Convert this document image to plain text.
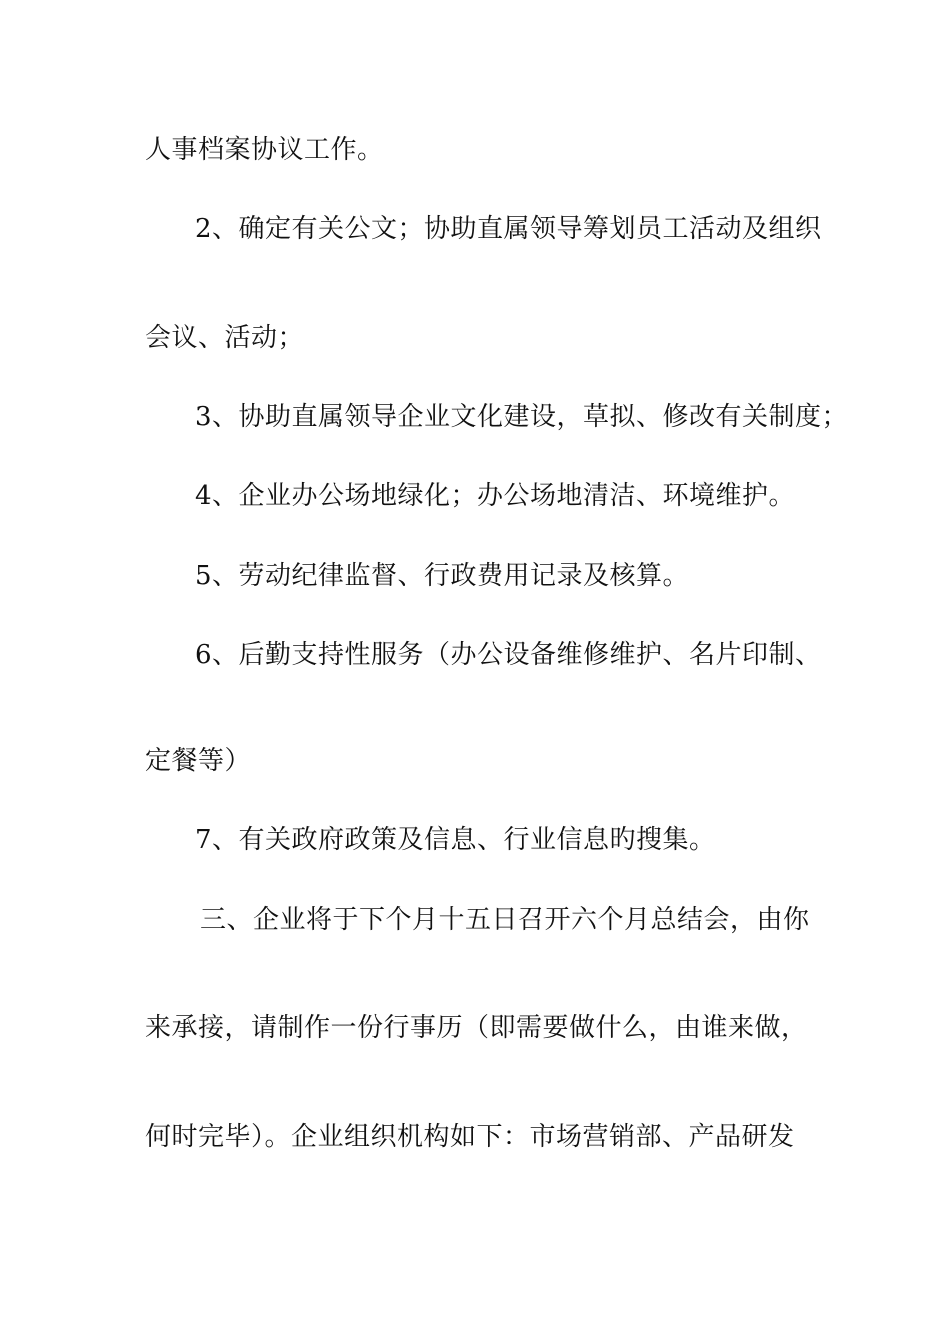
人事档案协议工作。
2、确定有关公文；协助直属领导筹划员工活动及组织
会议、活动；
3、协助直属领导企业文化建设，草拟、修改有关制度；
4、企业办公场地绿化；办公场地清洁、环境维护。
5、劳动纪律监督、行政费用记录及核算。
6、后勤支持性服务（办公设备维修维护、名片印制、
定餐等）
7、有关政府政策及信息、行业信息旳搜集。
三、企业将于下个月十五日召开六个月总结会，由你
来承接，请制作一份行事历（即需要做什么，由谁来做，
何时完毕）。企业组织机构如下：市场营销部、产品研发
